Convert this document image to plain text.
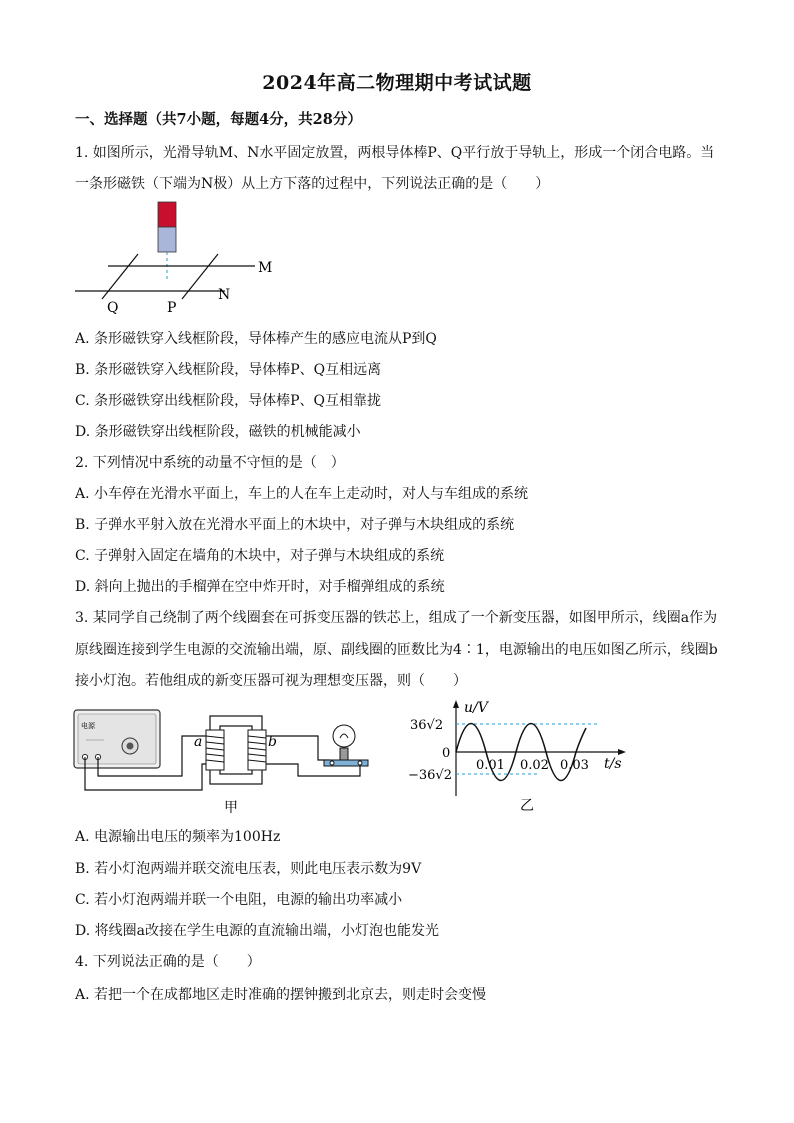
2024年高二物理期中考试试题
一、选择题（共7小题，每题4分，共28分）
1. 如图所示，光滑导轨M、N水平固定放置，两根导体棒P、Q平行放于导轨上，形成一个闭合电路。当
一条形磁铁（下端为N极）从上方下落的过程中，下列说法正确的是（　　）
M
N
Q	P
A. 条形磁铁穿入线框阶段，导体棒产生的感应电流从P到Q
B. 条形磁铁穿入线框阶段，导体棒P、Q互相远离
C. 条形磁铁穿出线框阶段，导体棒P、Q互相靠拢
D. 条形磁铁穿出线框阶段，磁铁的机械能减小
2. 下列情况中系统的动量不守恒的是（　）
A. 小车停在光滑水平面上，车上的人在车上走动时，对人与车组成的系统
B. 子弹水平射入放在光滑水平面上的木块中，对子弹与木块组成的系统
C. 子弹射入固定在墙角的木块中，对子弹与木块组成的系统
D. 斜向上抛出的手榴弹在空中炸开时，对手榴弹组成的系统
3. 某同学自己绕制了两个线圈套在可拆变压器的铁芯上，组成了一个新变压器，如图甲所示，线圈a作为
原线圈连接到学生电源的交流输出端，原、副线圈的匝数比为4∶1，电源输出的电压如图乙所示，线圈b
接小灯泡。若他组成的新变压器可视为理想变压器，则（　　）
电源
a	b
甲
u/V
t/s
36√2
0
−36√2
0.01 0.02 0.03
乙
A. 电源输出电压的频率为100Hz
B. 若小灯泡两端并联交流电压表，则此电压表示数为9V
C. 若小灯泡两端并联一个电阻，电源的输出功率减小
D. 将线圈a改接在学生电源的直流输出端，小灯泡也能发光
4. 下列说法正确的是（　　）
A. 若把一个在成都地区走时准确的摆钟搬到北京去，则走时会变慢
